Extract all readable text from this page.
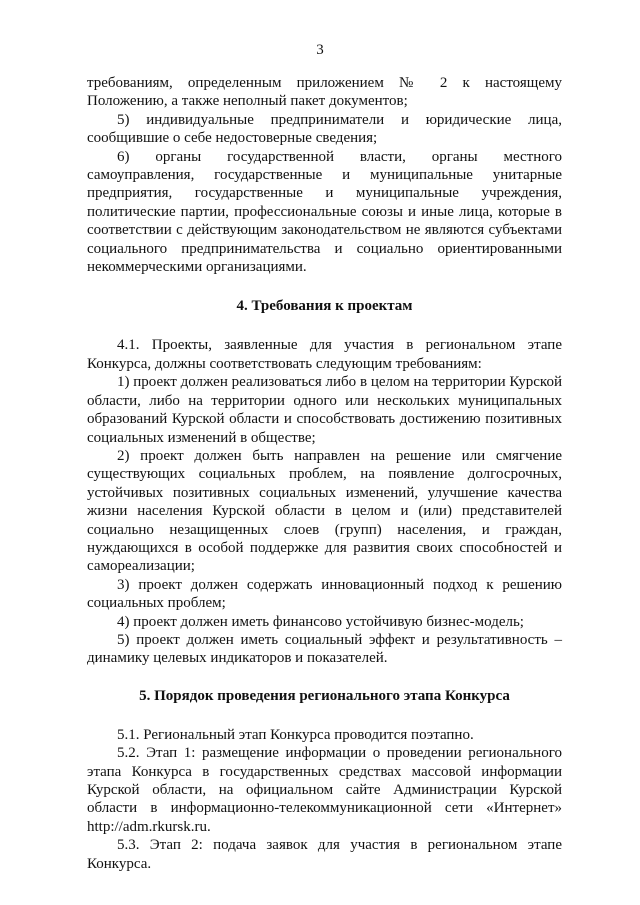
3

требованиям, определенным приложением № 2 к настоящему Положению, а также неполный пакет документов;

5) индивидуальные предприниматели и юридические лица, сообщившие о себе недостоверные сведения;

6) органы государственной власти, органы местного самоуправления, государственные и муниципальные унитарные предприятия, государственные и муниципальные учреждения, политические партии, профессиональные союзы и иные лица, которые в соответствии с действующим законодательством не являются субъектами социального предпринимательства и социально ориентированными некоммерческими организациями.

4. Требования к проектам

4.1. Проекты, заявленные для участия в региональном этапе Конкурса, должны соответствовать следующим требованиям:

1) проект должен реализоваться либо в целом на территории Курской области, либо на территории одного или нескольких муниципальных образований Курской области и способствовать достижению позитивных социальных изменений в обществе;

2) проект должен быть направлен на решение или смягчение существующих социальных проблем, на появление долгосрочных, устойчивых позитивных социальных изменений, улучшение качества жизни населения Курской области в целом и (или) представителей социально незащищенных слоев (групп) населения, и граждан, нуждающихся в особой поддержке для развития своих способностей и самореализации;

3) проект должен содержать инновационный подход к решению социальных проблем;

4) проект должен иметь финансово устойчивую бизнес-модель;

5) проект должен иметь социальный эффект и результативность – динамику целевых индикаторов и показателей.

5. Порядок проведения регионального этапа Конкурса

5.1. Региональный этап Конкурса проводится поэтапно.

5.2. Этап 1: размещение информации о проведении регионального этапа Конкурса в государственных средствах массовой информации Курской области, на официальном сайте Администрации Курской области в информационно-телекоммуникационной сети «Интернет» http://adm.rkursk.ru.

5.3. Этап 2: подача заявок для участия в региональном этапе Конкурса.
